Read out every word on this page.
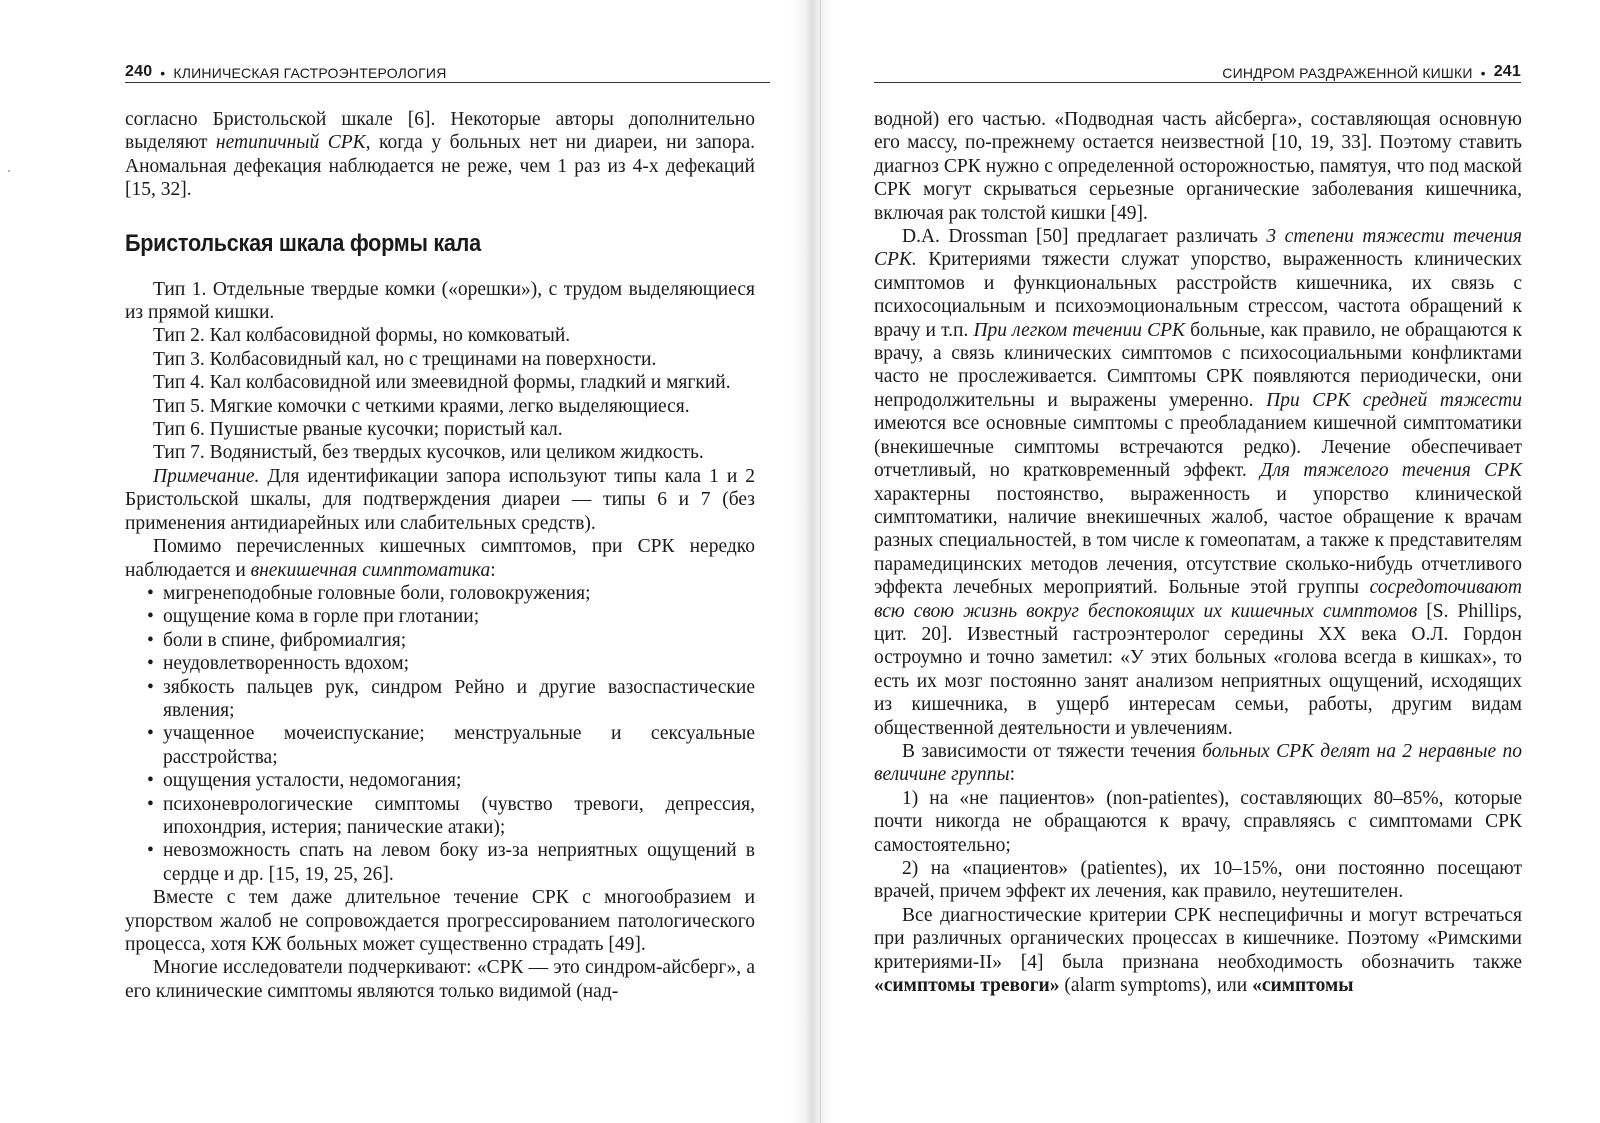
240 • КЛИНИЧЕСКАЯ ГАСТРОЭНТЕРОЛОГИЯ

согласно Бристольской шкале [6]. Некоторые авторы дополнительно выделяют нетипичный СРК, когда у больных нет ни диареи, ни запора. Аномальная дефекация наблюдается не реже, чем 1 раз из 4-х дефекаций [15, 32].

Бристольская шкала формы кала

Тип 1. Отдельные твердые комки («орешки»), с трудом выделяющиеся из прямой кишки.

Тип 2. Кал колбасовидной формы, но комковатый.

Тип 3. Колбасовидный кал, но с трещинами на поверхности.

Тип 4. Кал колбасовидной или змеевидной формы, гладкий и мягкий.

Тип 5. Мягкие комочки с четкими краями, легко выделяющиеся.

Тип 6. Пушистые рваные кусочки; пористый кал.

Тип 7. Водянистый, без твердых кусочков, или целиком жидкость.

Примечание. Для идентификации запора используют типы кала 1 и 2 Бристольской шкалы, для подтверждения диареи — типы 6 и 7 (без применения антидиарейных или слабительных средств).

Помимо перечисленных кишечных симптомов, при СРК нередко наблюдается и внекишечная симптоматика:

• мигренеподобные головные боли, головокружения;
• ощущение кома в горле при глотании;
• боли в спине, фибромиалгия;
• неудовлетворенность вдохом;
• зябкость пальцев рук, синдром Рейно и другие вазоспастические явления;
• учащенное мочеиспускание; менструальные и сексуальные расстройства;
• ощущения усталости, недомогания;
• психоневрологические симптомы (чувство тревоги, депрессия, ипохондрия, истерия; панические атаки);
• невозможность спать на левом боку из-за неприятных ощущений в сердце и др. [15, 19, 25, 26].

Вместе с тем даже длительное течение СРК с многообразием и упорством жалоб не сопровождается прогрессированием патологического процесса, хотя КЖ больных может существенно страдать [49].

Многие исследователи подчеркивают: «СРК — это синдром-айсберг», а его клинические симптомы являются только видимой (над-

СИНДРОМ РАЗДРАЖЕННОЙ КИШКИ • 241

водной) его частью. «Подводная часть айсберга», составляющая основную его массу, по-прежнему остается неизвестной [10, 19, 33]. Поэтому ставить диагноз СРК нужно с определенной осторожностью, памятуя, что под маской СРК могут скрываться серьезные органические заболевания кишечника, включая рак толстой кишки [49].

D.A. Drossman [50] предлагает различать 3 степени тяжести течения СРК. Критериями тяжести служат упорство, выраженность клинических симптомов и функциональных расстройств кишечника, их связь с психосоциальным и психоэмоциональным стрессом, частота обращений к врачу и т.п. При легком течении СРК больные, как правило, не обращаются к врачу, а связь клинических симптомов с психосоциальными конфликтами часто не прослеживается. Симптомы СРК появляются периодически, они непродолжительны и выражены умеренно. При СРК средней тяжести имеются все основные симптомы с преобладанием кишечной симптоматики (внекишечные симптомы встречаются редко). Лечение обеспечивает отчетливый, но кратковременный эффект. Для тяжелого течения СРК характерны постоянство, выраженность и упорство клинической симптоматики, наличие внекишечных жалоб, частое обращение к врачам разных специальностей, в том числе к гомеопатам, а также к представителям парамедицинских методов лечения, отсутствие сколько-нибудь отчетливого эффекта лечебных мероприятий. Больные этой группы сосредоточивают всю свою жизнь вокруг беспокоящих их кишечных симптомов [S. Phillips, цит. 20]. Известный гастроэнтеролог середины XX века О.Л. Гордон остроумно и точно заметил: «У этих больных «голова всегда в кишках», то есть их мозг постоянно занят анализом неприятных ощущений, исходящих из кишечника, в ущерб интересам семьи, работы, другим видам общественной деятельности и увлечениям.

В зависимости от тяжести течения больных СРК делят на 2 неравные по величине группы:

1) на «не пациентов» (non-patientes), составляющих 80–85%, которые почти никогда не обращаются к врачу, справляясь с симптомами СРК самостоятельно;

2) на «пациентов» (patientes), их 10–15%, они постоянно посещают врачей, причем эффект их лечения, как правило, неутешителен.

Все диагностические критерии СРК неспецифичны и могут встречаться при различных органических процессах в кишечнике. Поэтому «Римскими критериями-II» [4] была признана необходимость обозначить также «симптомы тревоги» (alarm symptoms), или «симптомы
